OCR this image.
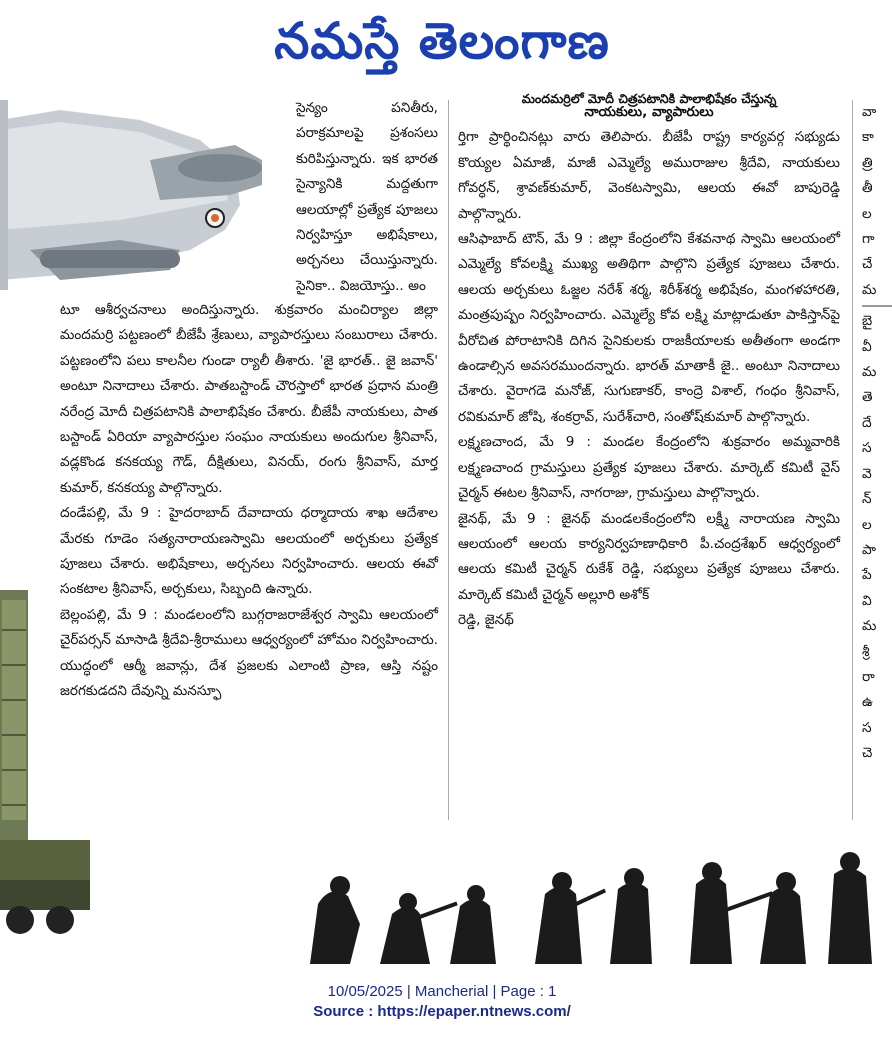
నమస్తే తెలంగాణ

సైన్యం పనితీరు, పరాక్రమాలపై ప్రశంసలు కురిపిస్తున్నారు. ఇక భారత సైన్యానికి మద్దతుగా ఆలయాల్లో ప్రత్యేక పూజలు నిర్వహిస్తూ అభిషేకాలు, అర్చనలు చేయిస్తున్నారు. సైనికా.. విజయోస్తు.. అం

టూ ఆశీర్వచనాలు అందిస్తున్నారు. శుక్రవారం మంచిర్యాల జిల్లా మందమర్రి పట్టణంలో బీజేపీ శ్రేణులు, వ్యాపారస్తులు సంబురాలు చేశారు. పట్టణంలోని పలు కాలనీల గుండా ర్యాలీ తీశారు. 'జై భారత్.. జై జవాన్' అంటూ నినాదాలు చేశారు. పాతబస్టాండ్ చౌరస్తాలో భారత ప్రధాన మంత్రి నరేంద్ర మోదీ చిత్రపటానికి పాలాభిషేకం చేశారు. బీజేపీ నాయకులు, పాత బస్టాండ్ ఏరియా వ్యాపారస్తుల సంఘం నాయకులు అందుగుల శ్రీనివాస్, వడ్లకొండ కనకయ్య గౌడ్, దీక్షితులు, వినయ్, రంగు శ్రీనివాస్, మార్త కుమార్, కనకయ్య పాల్గొన్నారు.

దండేపల్లి, మే 9 : హైదరాబాద్ దేవాదాయ ధర్మాదాయ శాఖ ఆదేశాల మేరకు గూడెం సత్యనారాయణస్వామి ఆలయంలో అర్చకులు ప్రత్యేక పూజలు చేశారు. అభిషేకాలు, అర్చనలు నిర్వహించారు. ఆలయ ఈవో సంకటాల శ్రీనివాస్, అర్చకులు, సిబ్బంది ఉన్నారు.

బెల్లంపల్లి, మే 9 : మండలంలోని బుగ్గరాజరాజేశ్వర స్వామి ఆలయంలో చైర్‌పర్సన్ మాసాడి శ్రీదేవి-శ్రీరాములు ఆధ్వర్యంలో హోమం నిర్వహించారు. యుద్ధంలో ఆర్మీ జవాన్లు, దేశ ప్రజలకు ఎలాంటి ప్రాణ, ఆస్తి నష్టం జరగకుడదని దేవున్ని మనస్ఫూ

మందమర్రిలో మోదీ చిత్రపటానికి పాలాభిషేకం చేస్తున్న
నాయకులు, వ్యాపారులు

ర్తిగా ప్రార్థించినట్లు వారు తెలిపారు. బీజేపీ రాష్ట్ర కార్యవర్గ సభ్యుడు కొయ్యల ఏమాజీ, మాజీ ఎమ్మెల్యే అమురాజుల శ్రీదేవి, నాయకులు గోవర్ధన్, శ్రావణ్‌కుమార్, వెంకటస్వామి, ఆలయ ఈవో బాపురెడ్డి పాల్గొన్నారు.

ఆసిఫాబాద్ టౌన్, మే 9 : జిల్లా కేంద్రంలోని కేశవనాథ స్వామి ఆలయంలో ఎమ్మెల్యే కోవలక్ష్మి ముఖ్య అతిథిగా పాల్గొని ప్రత్యేక పూజలు చేశారు. ఆలయ అర్చకులు ఓజ్జల నరేశ్ శర్మ, శిరీశ్‌శర్మ అభిషేకం, మంగళహారతి, మంత్రపుష్పం నిర్వహించారు. ఎమ్మెల్యే కోవ లక్ష్మి మాట్లాడుతూ పాకిస్తాన్‌పై వీరోచిత పోరాటానికి దిగిన సైనికులకు రాజకీయాలకు అతీతంగా అండగా ఉండాల్సిన అవసరముందన్నారు. భారత్ మాతాకీ జై.. అంటూ నినాదాలు చేశారు. వైరాగడె మనోజ్, సుగుణాకర్, కాంద్రె విశాల్, గంధం శ్రీనివాస్, రవికుమార్ జోషి, శంకర్రావ్, సురేశ్‌చారి, సంతోష్‌కుమార్ పాల్గొన్నారు.

లక్ష్మణచాంద, మే 9 : మండల కేంద్రంలోని శుక్రవారం అమ్మవారికి లక్ష్మణచాంద గ్రామస్తులు ప్రత్యేక పూజలు చేశారు. మార్కెట్ కమిటీ వైస్ చైర్మన్ ఈటల శ్రీనివాస్, నాగరాజు, గ్రామస్తులు పాల్గొన్నారు.

జైనథ్, మే 9 : జైనథ్ మండలకేంద్రంలోని లక్ష్మీ నారాయణ స్వామి ఆలయంలో ఆలయ కార్యనిర్వహణాధికారి పీ.చంద్రశేఖర్ ఆధ్వర్యంలో ఆలయ కమిటీ చైర్మన్ రుకేశ్ రెడ్డి, సభ్యులు ప్రత్యేక పూజలు చేశారు. మార్కెట్ కమిటీ చైర్మన్ అల్లూరి అశోక్

రెడ్డి, జైనథ్

వా
కా
త్రి
తీ
ల
గా
చే
మ
బై
వీ
మ
తె
దే
స
వె
న్
ల
పా
పే
వి
మ
శ్రీ
రా
ఉ
స
చె
10/05/2025 | Mancherial | Page : 1
Source : https://epaper.ntnews.com/
